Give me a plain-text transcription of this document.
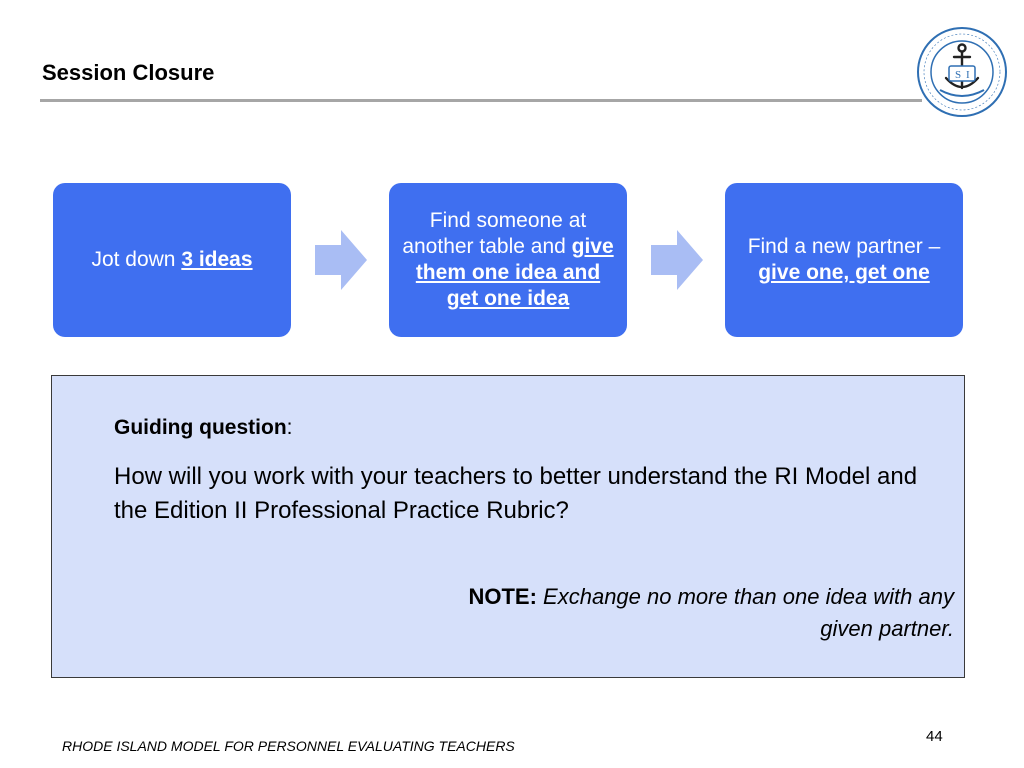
Session Closure	S I
Jot down 3 ideas
Find someone at another table and give them one idea and get one idea
Find a new partner – give one, get one
Guiding question:
How will you work with your teachers to better understand the RI Model and the Edition II Professional Practice Rubric?
NOTE: Exchange no more than one idea with any given partner.
RHODE ISLAND MODEL FOR PERSONNEL EVALUATING TEACHERS
44
